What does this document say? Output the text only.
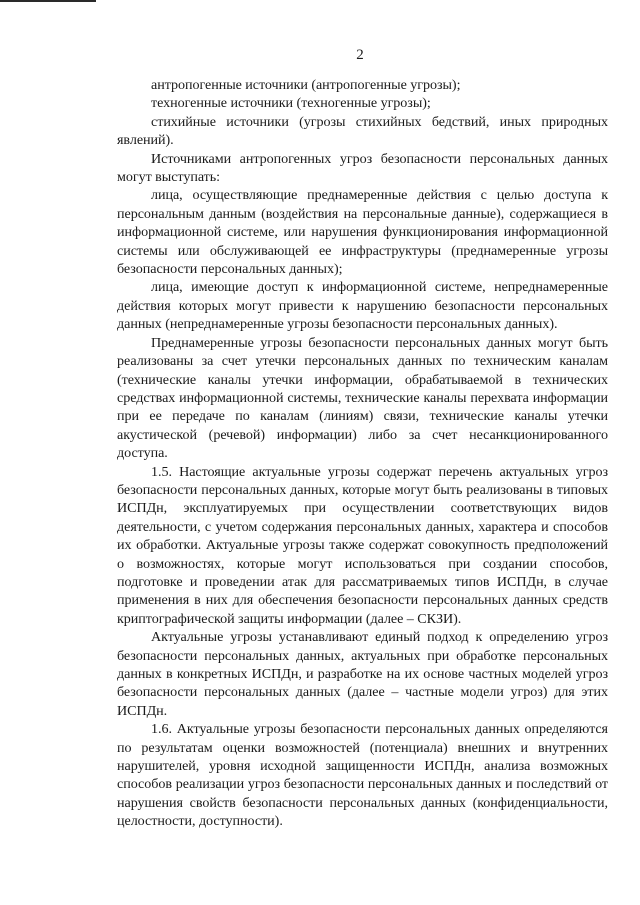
2

антропогенные источники (антропогенные угрозы);

техногенные источники (техногенные угрозы);

стихийные источники (угрозы стихийных бедствий, иных природных явлений).

Источниками антропогенных угроз безопасности персональных данных могут выступать:

лица, осуществляющие преднамеренные действия с целью доступа к персональным данным (воздействия на персональные данные), содержащиеся в информационной системе, или нарушения функционирования информационной системы или обслуживающей ее инфраструктуры (преднамеренные угрозы безопасности персональных данных);

лица, имеющие доступ к информационной системе, непреднамеренные действия которых могут привести к нарушению безопасности персональных данных (непреднамеренные угрозы безопасности персональных данных).

Преднамеренные угрозы безопасности персональных данных могут быть реализованы за счет утечки персональных данных по техническим каналам (технические каналы утечки информации, обрабатываемой в технических средствах информационной системы, технические каналы перехвата информации при ее передаче по каналам (линиям) связи, технические каналы утечки акустической (речевой) информации) либо за счет несанкционированного доступа.

1.5. Настоящие актуальные угрозы содержат перечень актуальных угроз безопасности персональных данных, которые могут быть реализованы в типовых ИСПДн, эксплуатируемых при осуществлении соответствующих видов деятельности, с учетом содержания персональных данных, характера и способов их обработки. Актуальные угрозы также содержат совокупность предположений о возможностях, которые могут использоваться при создании способов, подготовке и проведении атак для рассматриваемых типов ИСПДн, в случае применения в них для обеспечения безопасности персональных данных средств криптографической защиты информации (далее – СКЗИ).

Актуальные угрозы устанавливают единый подход к определению угроз безопасности персональных данных, актуальных при обработке персональных данных в конкретных ИСПДн, и разработке на их основе частных моделей угроз безопасности персональных данных (далее – частные модели угроз) для этих ИСПДн.

1.6. Актуальные угрозы безопасности персональных данных определяются по результатам оценки возможностей (потенциала) внешних и внутренних нарушителей, уровня исходной защищенности ИСПДн, анализа возможных способов реализации угроз безопасности персональных данных и последствий от нарушения свойств безопасности персональных данных (конфиденциальности, целостности, доступности).
